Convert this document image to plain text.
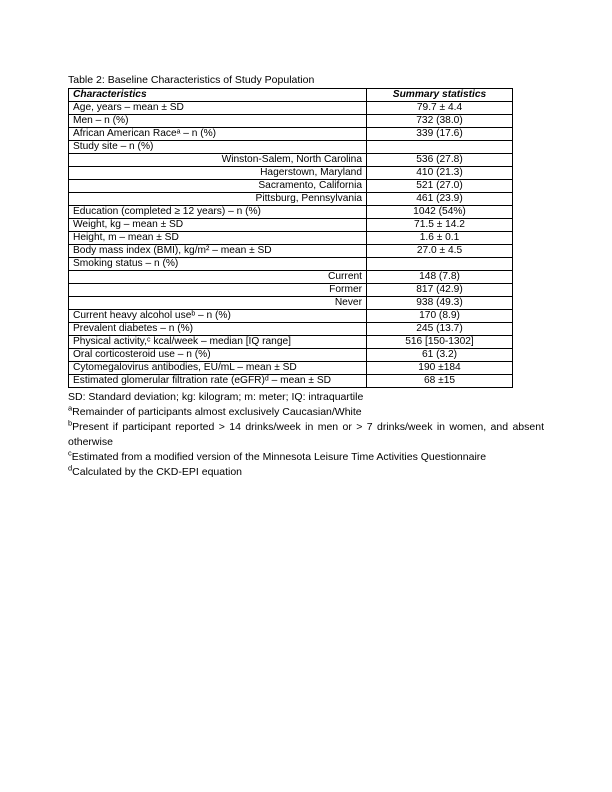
Table 2: Baseline Characteristics of Study Population
Characteristics	Summary statistics
Age, years – mean ± SD	79.7 ± 4.4
Men – n (%)	732 (38.0)
African American Raceᵃ – n (%)	339 (17.6)
Study site – n (%)	
Winston-Salem, North Carolina	536 (27.8)
Hagerstown, Maryland	410 (21.3)
Sacramento, California	521 (27.0)
Pittsburg, Pennsylvania	461 (23.9)
Education (completed ≥ 12 years) – n (%)	1042 (54%)
Weight, kg – mean ± SD	71.5 ± 14.2
Height, m – mean ± SD	1.6 ± 0.1
Body mass index (BMI), kg/m² – mean ± SD	27.0 ± 4.5
Smoking status – n (%)	
Current	148 (7.8)
Former	817 (42.9)
Never	938 (49.3)
Current heavy alcohol useᵇ – n (%)	170 (8.9)
Prevalent diabetes – n (%)	245 (13.7)
Physical activity,ᶜ kcal/week – median [IQ range]	516 [150-1302]
Oral corticosteroid use – n (%)	61 (3.2)
Cytomegalovirus antibodies, EU/mL – mean ± SD	190 ±184
Estimated glomerular filtration rate (eGFR)ᵈ – mean ± SD	68 ±15
SD: Standard deviation; kg: kilogram; m: meter; IQ: intraquartile
$^a$Remainder of participants almost exclusively Caucasian/White
$^b$Present if participant reported > 14 drinks/week in men or > 7 drinks/week in women, and absent otherwise
$^c$Estimated from a modified version of the Minnesota Leisure Time Activities Questionnaire
$^d$Calculated by the CKD-EPI equation
